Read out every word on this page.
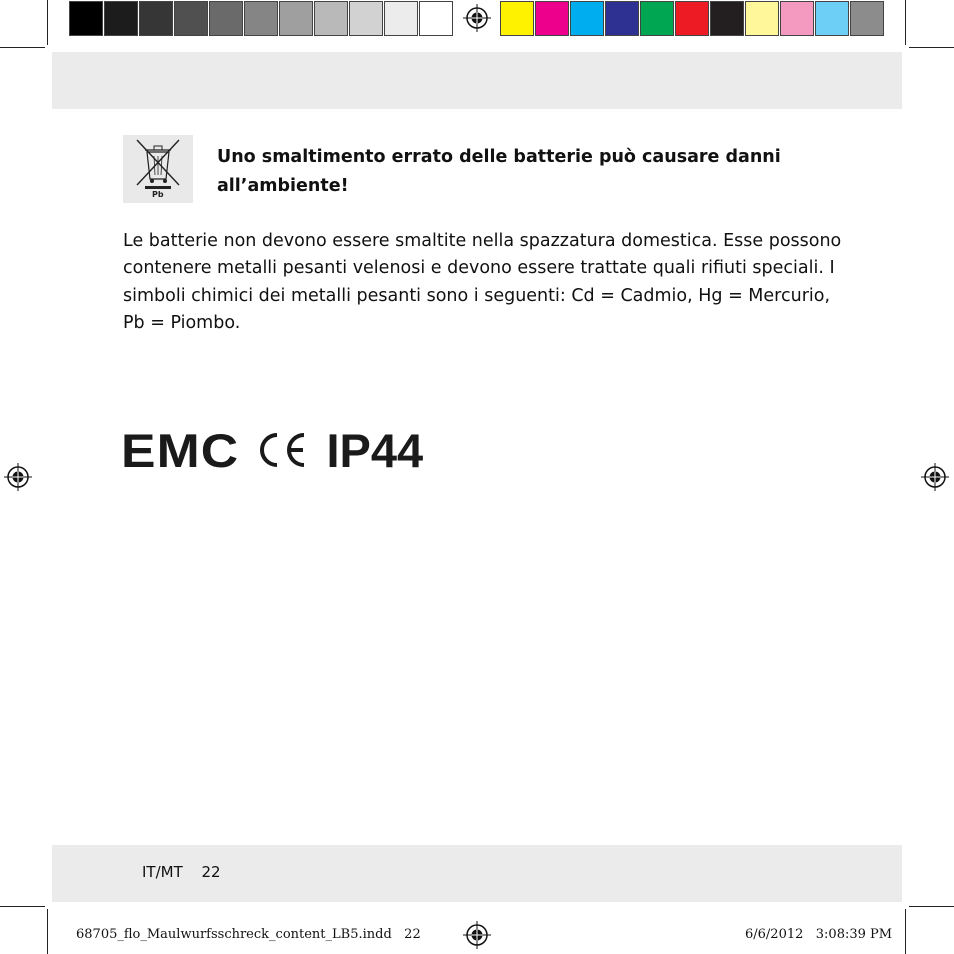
Pb
Uno smaltimento errato delle batterie può causare danni all’ambiente!
Le batterie non devono essere smaltite nella spazzatura domestica. Esse possono contenere metalli pesanti velenosi e devono essere trattate quali rifiuti speciali. I simboli chimici dei metalli pesanti sono i seguenti: Cd = Cadmio, Hg = Mercurio, Pb = Piombo.
EMC IP44
IT/MT 22
68705_flo_Maulwurfsschreck_content_LB5.indd   22	6/6/2012   3:08:39 PM
